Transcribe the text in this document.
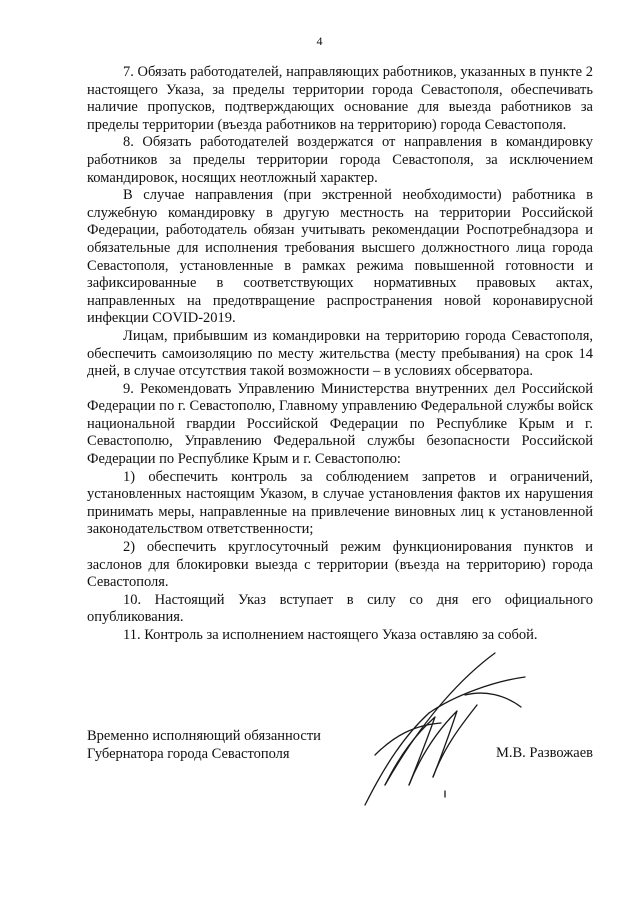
4

7. Обязать работодателей, направляющих работников, указанных в пункте 2 настоящего Указа, за пределы территории города Севастополя, обеспечивать наличие пропусков, подтверждающих основание для выезда работников за пределы территории (въезда работников на территорию) города Севастополя.

8. Обязать работодателей воздержатся от направления в командировку работников за пределы территории города Севастополя, за исключением командировок, носящих неотложный характер.

В случае направления (при экстренной необходимости) работника в служебную командировку в другую местность на территории Российской Федерации, работодатель обязан учитывать рекомендации Роспотребнадзора и обязательные для исполнения требования высшего должностного лица города Севастополя, установленные в рамках режима повышенной готовности и зафиксированные в соответствующих нормативных правовых актах, направленных на предотвращение распространения новой коронавирусной инфекции COVID-2019.

Лицам, прибывшим из командировки на территорию города Севастополя, обеспечить самоизоляцию по месту жительства (месту пребывания) на срок 14 дней, в случае отсутствия такой возможности – в условиях обсерватора.

9. Рекомендовать Управлению Министерства внутренних дел Российской Федерации по г. Севастополю, Главному управлению Федеральной службы войск национальной гвардии Российской Федерации по Республике Крым и г. Севастополю, Управлению Федеральной службы безопасности Российской Федерации по Республике Крым и г. Севастополю:

1) обеспечить контроль за соблюдением запретов и ограничений, установленных настоящим Указом, в случае установления фактов их нарушения принимать меры, направленные на привлечение виновных лиц к установленной законодательством ответственности;

2) обеспечить круглосуточный режим функционирования пунктов и заслонов для блокировки выезда с территории (въезда на территорию) города Севастополя.

10. Настоящий Указ вступает в силу со дня его официального опубликования.

11. Контроль за исполнением настоящего Указа оставляю за собой.

Временно исполняющий обязанности
Губернатора города Севастополя	М.В. Развожаев
